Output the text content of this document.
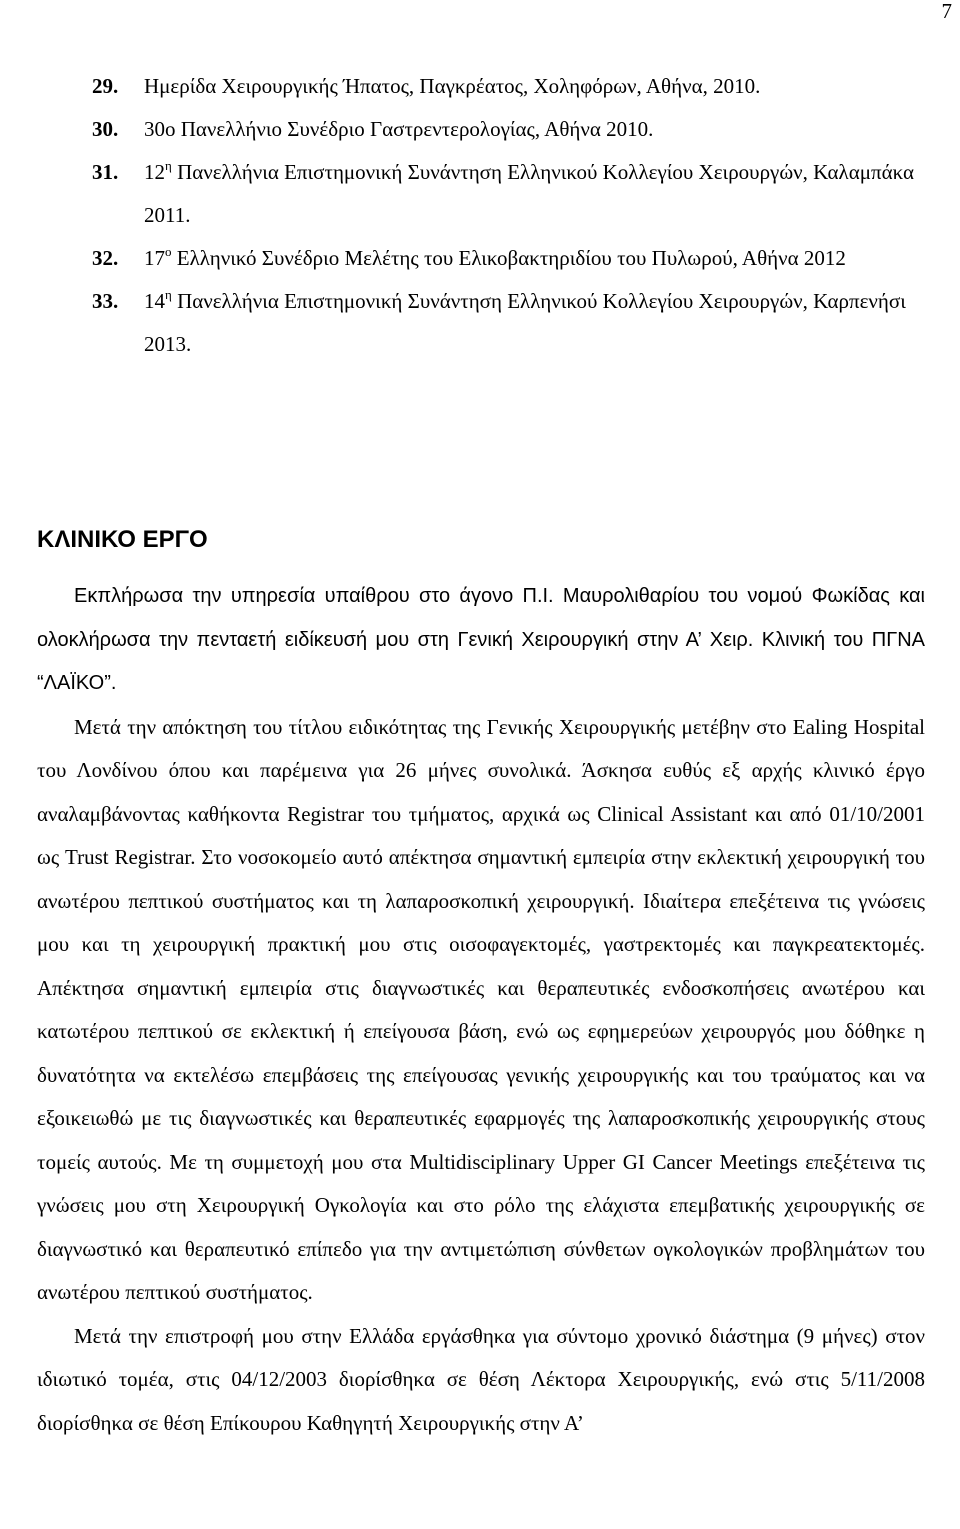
7
29.	Ημερίδα Χειρουργικής Ήπατος, Παγκρέατος, Χοληφόρων, Αθήνα, 2010.
30.	30ο Πανελλήνιο Συνέδριο Γαστρεντερολογίας, Αθήνα 2010.
31.	$12^\eta$ Πανελλήνια Επιστημονική Συνάντηση Ελληνικού Κολλεγίου Χειρουργών, Καλαμπάκα 2011.
32.	$17^o$ Ελληνικό Συνέδριο Μελέτης του Ελικοβακτηριδίου του Πυλωρού, Αθήνα 2012
33.	$14^\eta$ Πανελλήνια Επιστημονική Συνάντηση Ελληνικού Κολλεγίου Χειρουργών, Καρπενήσι 2013.
ΚΛΙΝΙΚΟ ΕΡΓΟ

Εκπλήρωσα την υπηρεσία υπαίθρου στο άγονο Π.Ι. Μαυρολιθαρίου του νομού Φωκίδας και ολοκλήρωσα την πενταετή ειδίκευσή μου στη Γενική Χειρουργική στην Α’ Χειρ. Κλινική του ΠΓΝΑ “ΛΑΪΚΟ”.

Μετά την απόκτηση του τίτλου ειδικότητας της Γενικής Χειρουργικής μετέβην στο Ealing Hospital του Λονδίνου όπου και παρέμεινα για 26 μήνες συνολικά. Άσκησα ευθύς εξ αρχής κλινικό έργο αναλαμβάνοντας καθήκοντα Registrar του τμήματος, αρχικά ως Clinical Assistant και από 01/10/2001 ως Trust Registrar. Στο νοσοκομείο αυτό απέκτησα σημαντική εμπειρία στην εκλεκτική χειρουργική του ανωτέρου πεπτικού συστήματος και τη λαπαροσκοπική χειρουργική. Ιδιαίτερα επεξέτεινα τις γνώσεις μου και τη χειρουργική πρακτική μου στις οισοφαγεκτομές, γαστρεκτομές και παγκρεατεκτομές. Απέκτησα σημαντική εμπειρία στις διαγνωστικές και θεραπευτικές ενδοσκοπήσεις ανωτέρου και κατωτέρου πεπτικού σε εκλεκτική ή επείγουσα βάση, ενώ ως εφημερεύων χειρουργός μου δόθηκε η δυνατότητα να εκτελέσω επεμβάσεις της επείγουσας γενικής χειρουργικής και του τραύματος και να εξοικειωθώ με τις διαγνωστικές και θεραπευτικές εφαρμογές της λαπαροσκοπικής χειρουργικής στους τομείς αυτούς. Με τη συμμετοχή μου στα Multidisciplinary Upper GI Cancer Meetings επεξέτεινα τις γνώσεις μου στη Χειρουργική Ογκολογία και στο ρόλο της ελάχιστα επεμβατικής χειρουργικής σε διαγνωστικό και θεραπευτικό επίπεδο για την αντιμετώπιση σύνθετων ογκολογικών προβλημάτων του ανωτέρου πεπτικού συστήματος.

Μετά την επιστροφή μου στην Ελλάδα εργάσθηκα για σύντομο χρονικό διάστημα (9 μήνες) στον ιδιωτικό τομέα, στις 04/12/2003 διορίσθηκα σε θέση Λέκτορα Χειρουργικής, ενώ στις 5/11/2008 διορίσθηκα σε θέση Επίκουρου Καθηγητή Χειρουργικής στην Α’
